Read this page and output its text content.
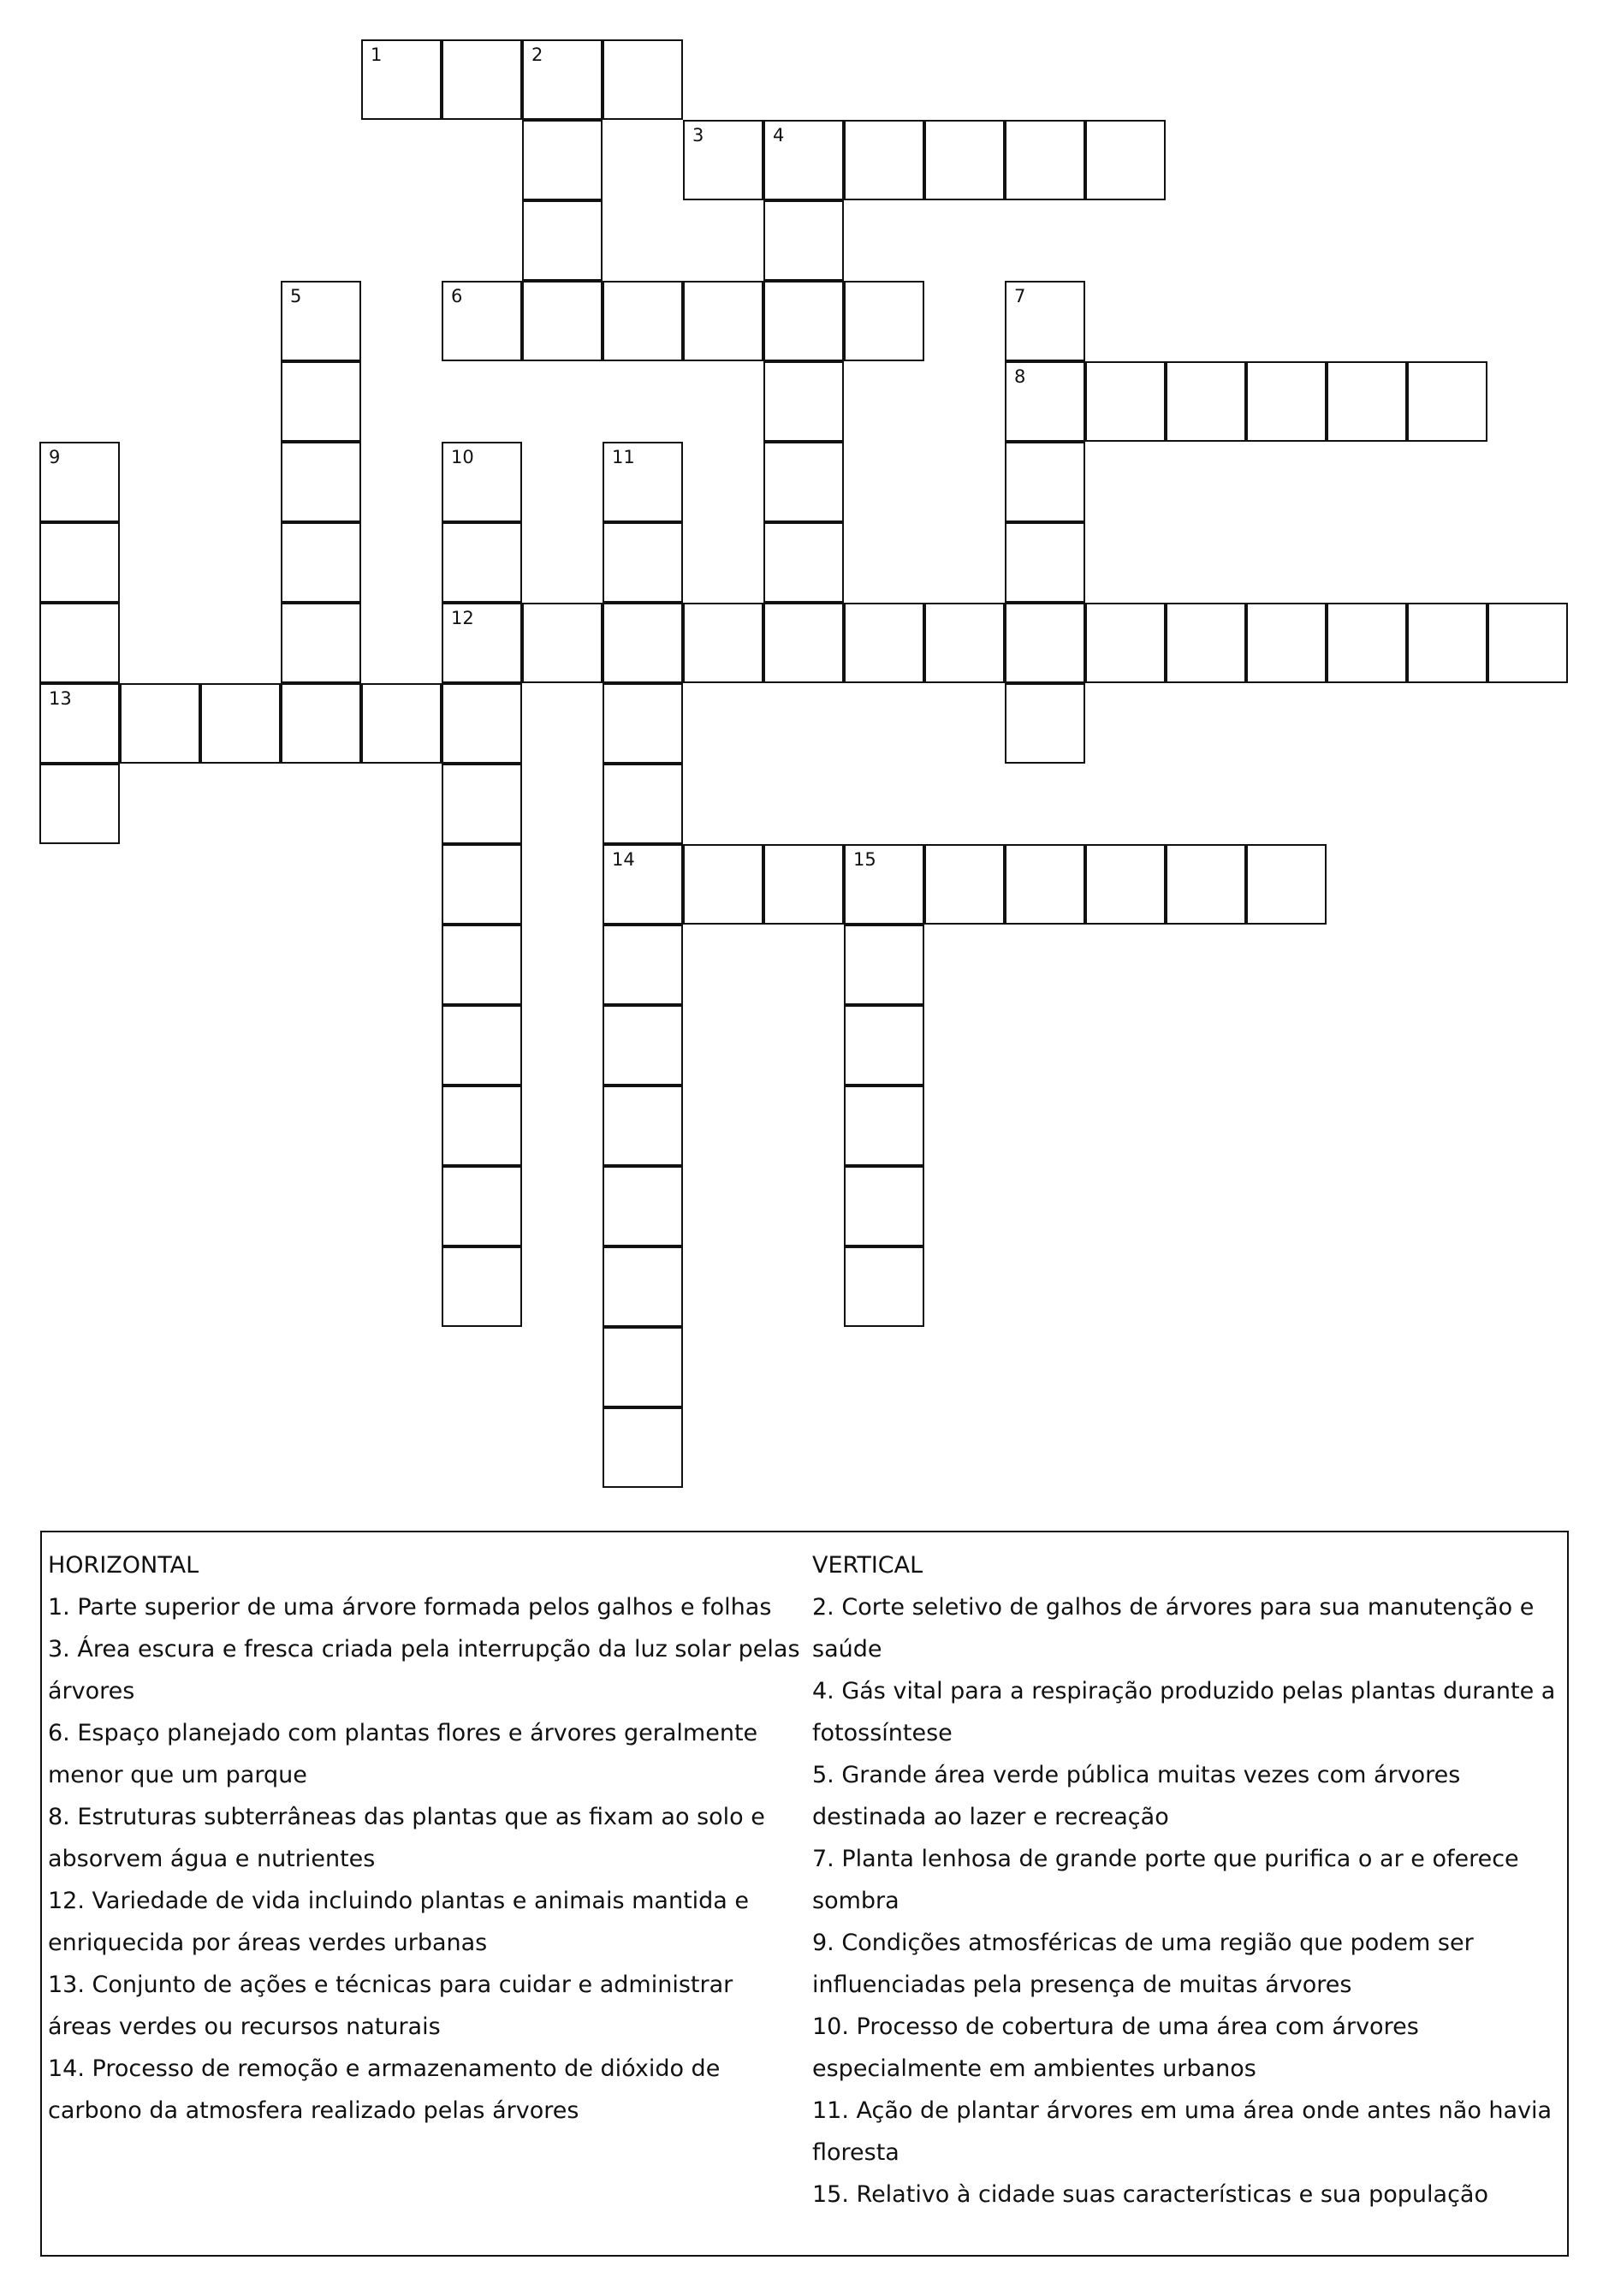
1	2
3	4
5	6	7
8
9
13
10
12
11
14	15
HORIZONTAL
1. Parte superior de uma árvore formada pelos galhos e folhas
3. Área escura e fresca criada pela interrupção da luz solar pelas árvores
6. Espaço planejado com plantas flores e árvores geralmente menor que um parque
8. Estruturas subterrâneas das plantas que as fixam ao solo e absorvem água e nutrientes
12. Variedade de vida incluindo plantas e animais mantida e enriquecida por áreas verdes urbanas
13. Conjunto de ações e técnicas para cuidar e administrar áreas verdes ou recursos naturais
14. Processo de remoção e armazenamento de dióxido de carbono da atmosfera realizado pelas árvores
VERTICAL
2. Corte seletivo de galhos de árvores para sua manutenção e saúde
4. Gás vital para a respiração produzido pelas plantas durante a fotossíntese
5. Grande área verde pública muitas vezes com árvores destinada ao lazer e recreação
7. Planta lenhosa de grande porte que purifica o ar e oferece sombra
9. Condições atmosféricas de uma região que podem ser influenciadas pela presença de muitas árvores
10. Processo de cobertura de uma área com árvores especialmente em ambientes urbanos
11. Ação de plantar árvores em uma área onde antes não havia floresta
15. Relativo à cidade suas características e sua população
